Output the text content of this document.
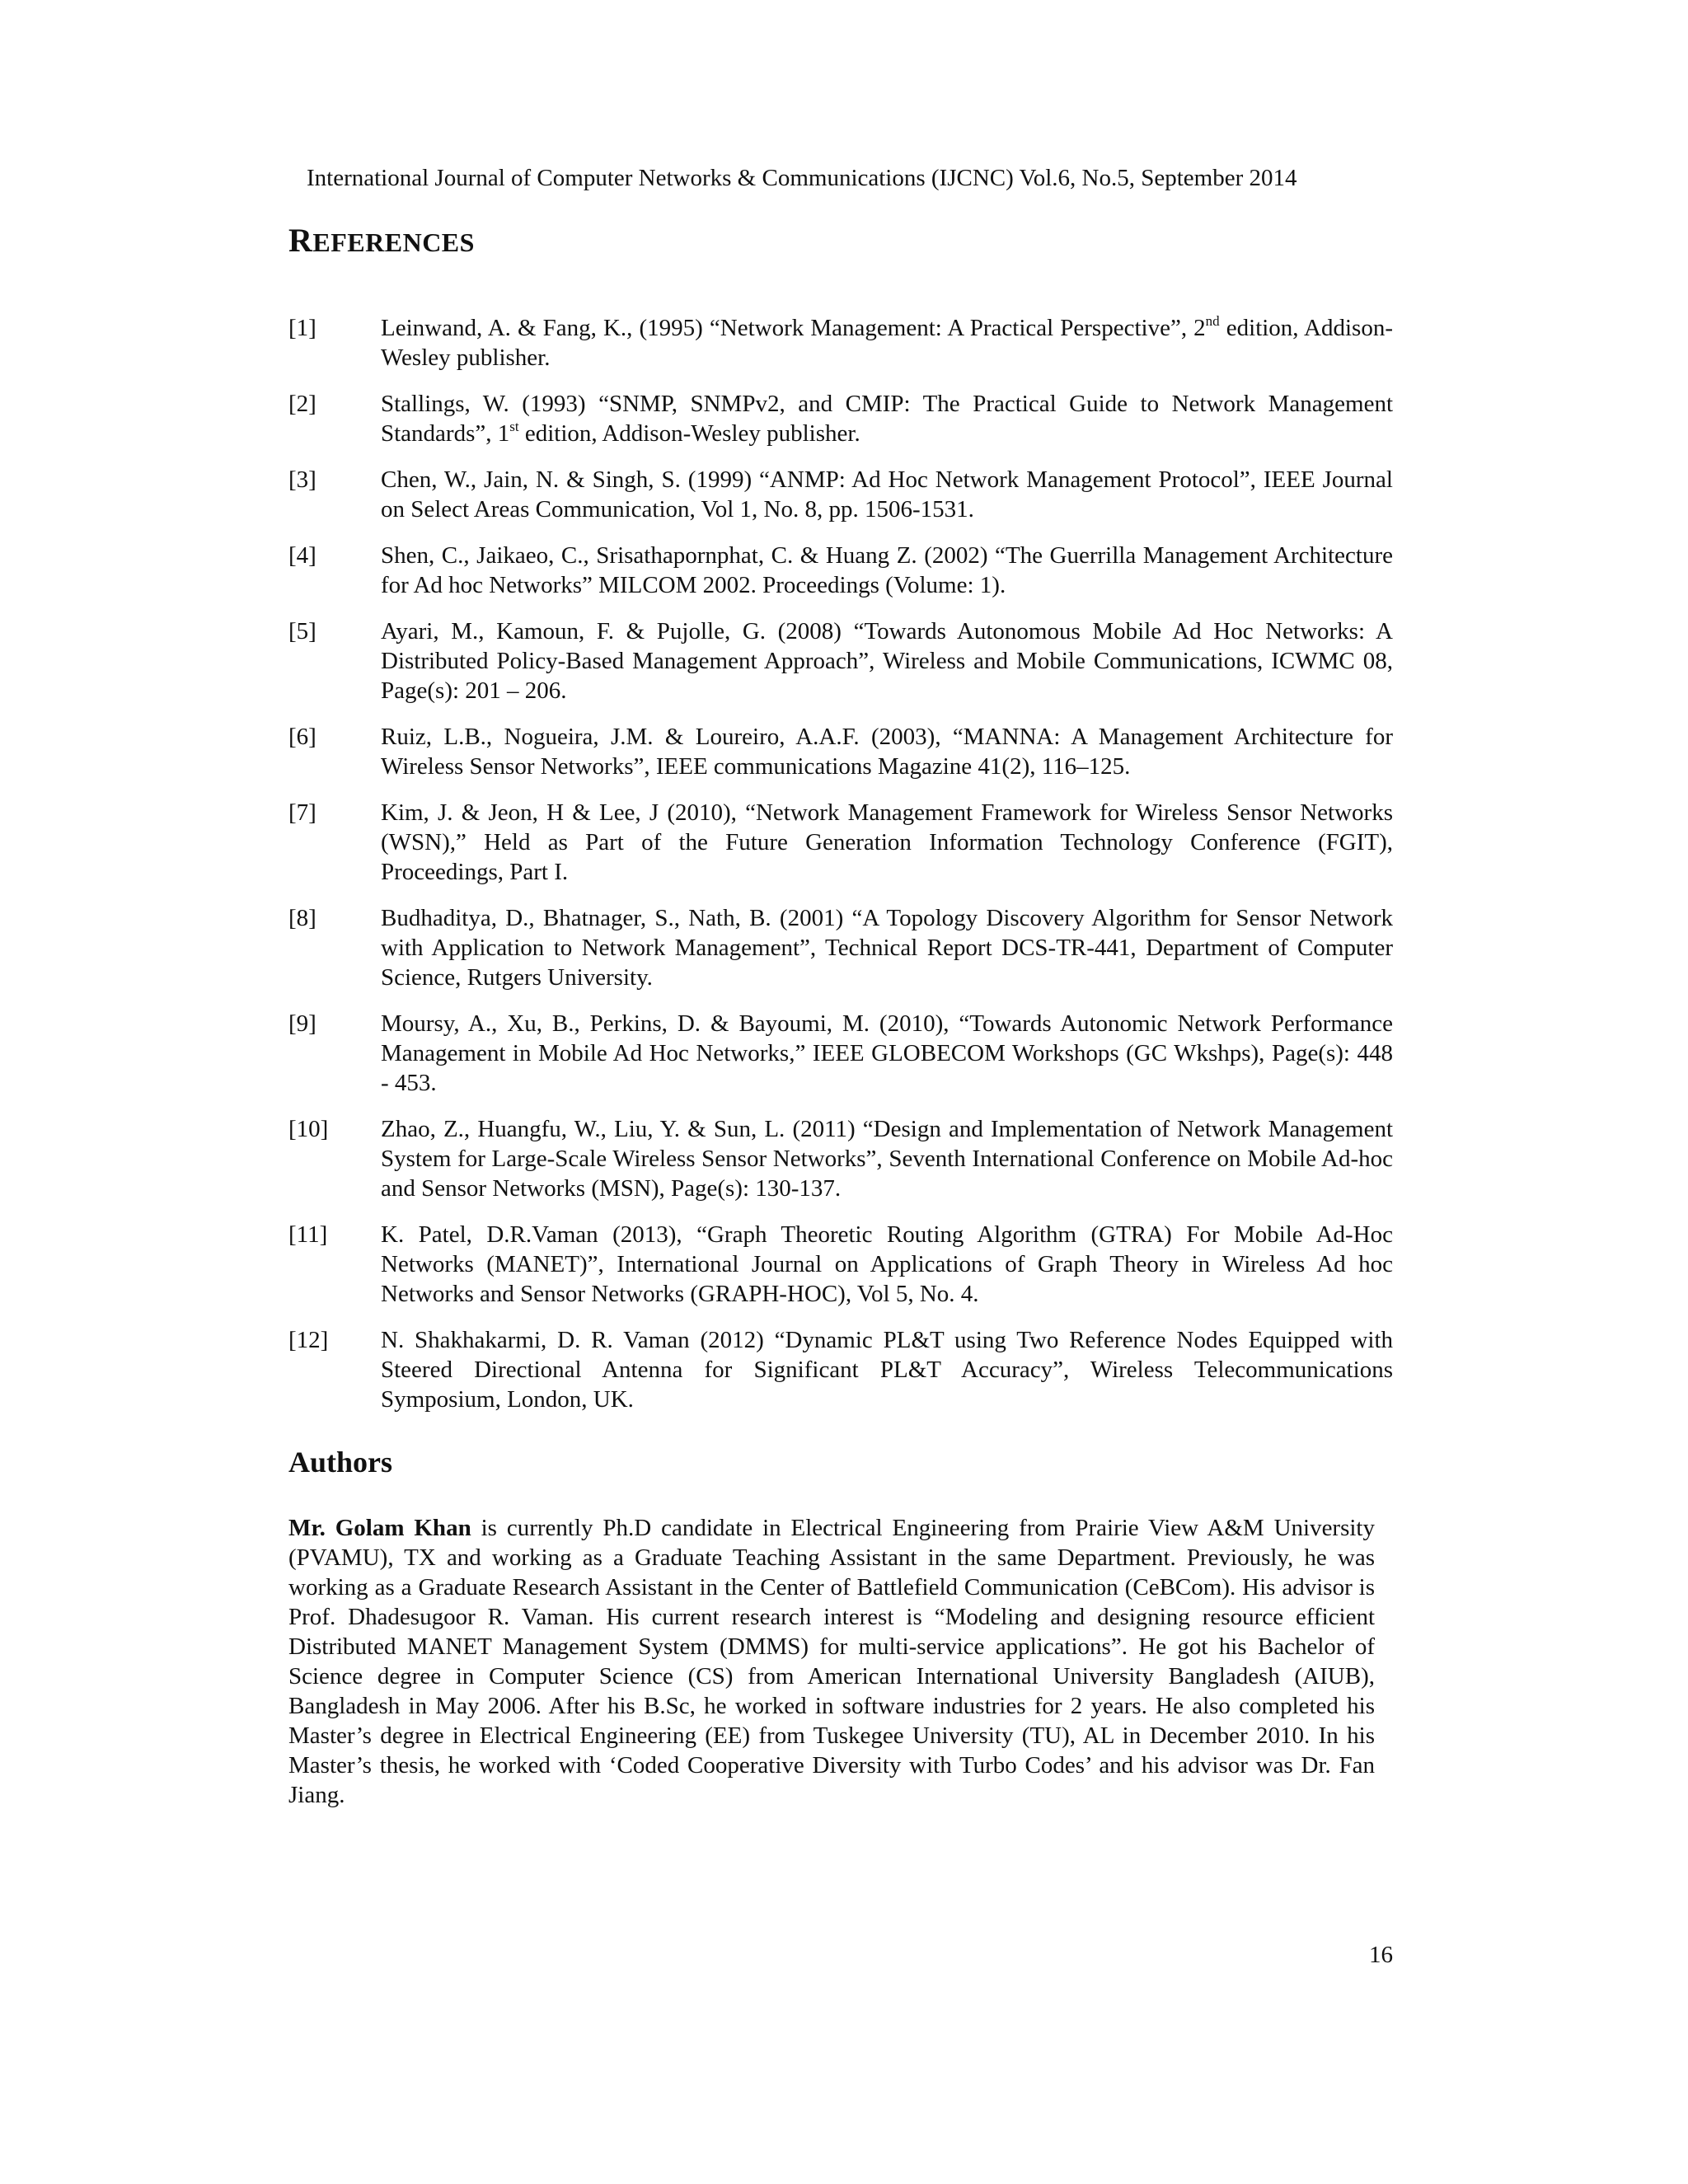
International Journal of Computer Networks & Communications (IJCNC) Vol.6, No.5, September 2014
REFERENCES
[1]	Leinwand, A. & Fang, K., (1995) “Network Management: A Practical Perspective”, 2nd edition, Addison-Wesley publisher.
[2]	Stallings, W. (1993) “SNMP, SNMPv2, and CMIP: The Practical Guide to Network Management Standards”, 1st edition, Addison-Wesley publisher.
[3]	Chen, W., Jain, N. & Singh, S. (1999) “ANMP: Ad Hoc Network Management Protocol”, IEEE Journal on Select Areas Communication, Vol 1, No. 8, pp. 1506-1531.
[4]	Shen, C., Jaikaeo, C., Srisathapornphat, C. & Huang Z. (2002) “The Guerrilla Management Architecture for Ad hoc Networks” MILCOM 2002. Proceedings (Volume: 1).
[5]	Ayari, M., Kamoun, F. & Pujolle, G. (2008) “Towards Autonomous Mobile Ad Hoc Networks: A Distributed Policy-Based Management Approach”, Wireless and Mobile Communications, ICWMC 08, Page(s): 201 – 206.
[6]	Ruiz, L.B., Nogueira, J.M. & Loureiro, A.A.F. (2003), “MANNA: A Management Architecture for Wireless Sensor Networks”, IEEE communications Magazine 41(2), 116–125.
[7]	Kim, J. & Jeon, H & Lee, J (2010), “Network Management Framework for Wireless Sensor Networks (WSN),” Held as Part of the Future Generation Information Technology Conference (FGIT), Proceedings, Part I.
[8]	Budhaditya, D., Bhatnager, S., Nath, B. (2001) “A Topology Discovery Algorithm for Sensor Network with Application to Network Management”, Technical Report DCS-TR-441, Department of Computer Science, Rutgers University.
[9]	Moursy, A., Xu, B., Perkins, D. & Bayoumi, M. (2010), “Towards Autonomic Network Performance Management in Mobile Ad Hoc Networks,” IEEE GLOBECOM Workshops (GC Wkshps), Page(s): 448 - 453.
[10]	Zhao, Z., Huangfu, W., Liu, Y. & Sun, L. (2011) “Design and Implementation of Network Management System for Large-Scale Wireless Sensor Networks”, Seventh International Conference on Mobile Ad-hoc and Sensor Networks (MSN), Page(s): 130-137.
[11]	K. Patel, D.R.Vaman (2013), “Graph Theoretic Routing Algorithm (GTRA) For Mobile Ad-Hoc Networks (MANET)”, International Journal on Applications of Graph Theory in Wireless Ad hoc Networks and Sensor Networks (GRAPH-HOC), Vol 5, No. 4.
[12]	N. Shakhakarmi, D. R. Vaman (2012) “Dynamic PL&T using Two Reference Nodes Equipped with Steered Directional Antenna for Significant PL&T Accuracy”, Wireless Telecommunications Symposium, London, UK.
Authors

Mr. Golam Khan is currently Ph.D candidate in Electrical Engineering from Prairie View A&M University (PVAMU), TX and working as a Graduate Teaching Assistant in the same Department. Previously, he was working as a Graduate Research Assistant in the Center of Battlefield Communication (CeBCom). His advisor is Prof. Dhadesugoor R. Vaman. His current research interest is “Modeling and designing resource efficient Distributed MANET Management System (DMMS) for multi-service applications”. He got his Bachelor of Science degree in Computer Science (CS) from American International University Bangladesh (AIUB), Bangladesh in May 2006. After his B.Sc, he worked in software industries for 2 years. He also completed his Master’s degree in Electrical Engineering (EE) from Tuskegee University (TU), AL in December 2010. In his Master’s thesis, he worked with ‘Coded Cooperative Diversity with Turbo Codes’ and his advisor was Dr. Fan Jiang.

16
